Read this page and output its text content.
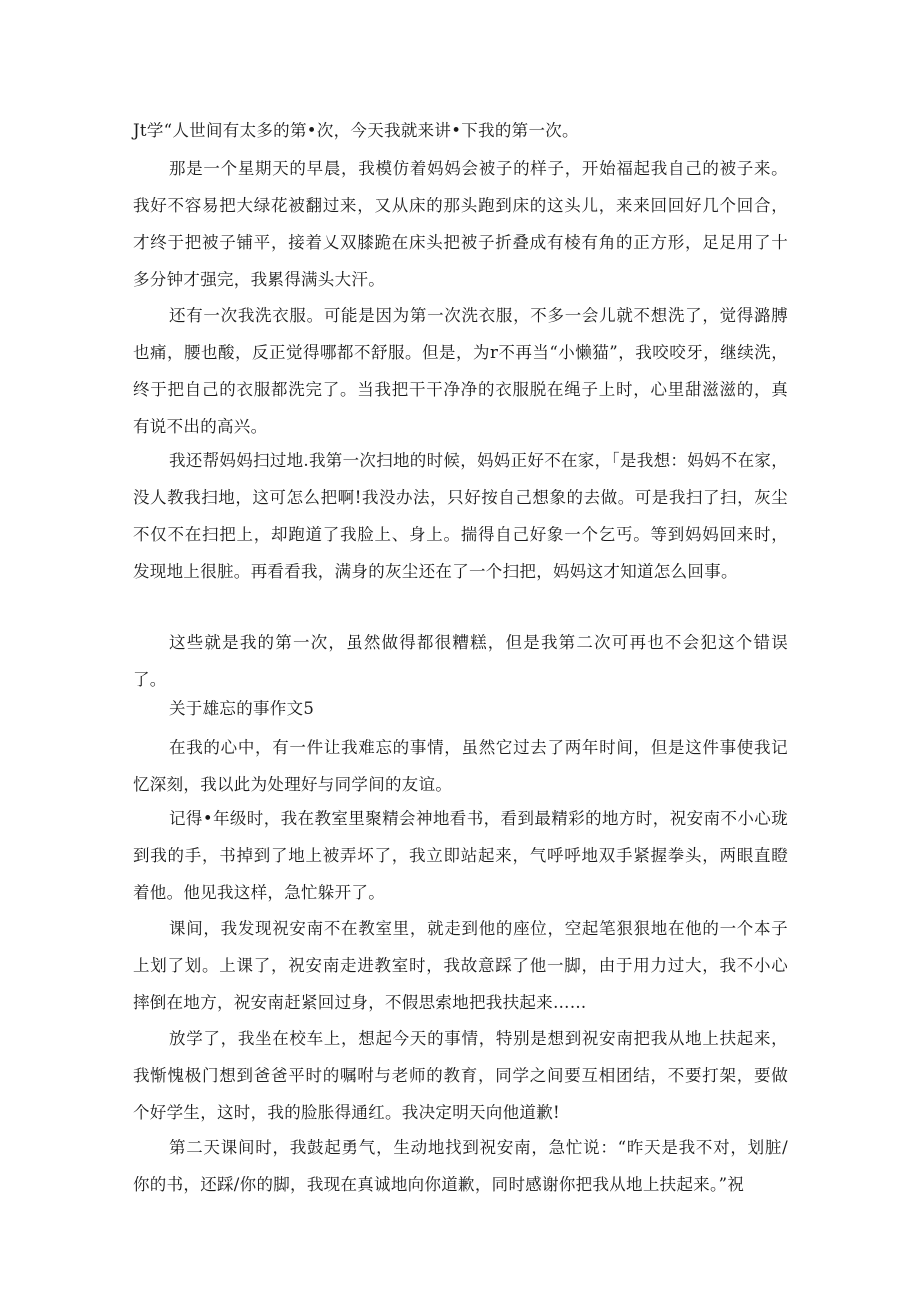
Jt学“人世间有太多的第•次，今天我就来讲•下我的第一次。

那是一个星期天的早晨，我模仿着妈妈会被子的样子，开始福起我自己的被子来。我好不容易把大绿花被翻过来，又从床的那头跑到床的这头儿，来来回回好几个回合，才终于把被子铺平，接着乂双膝跪在床头把被子折叠成有棱有角的正方形，足足用了十多分钟才强完，我累得满头大汗。

还有一次我洗衣服。可能是因为第一次洗衣服，不多一会儿就不想洗了，觉得潞膊也痛，腰也酸，反正觉得哪都不舒服。但是，为r不再当“小懒猫”，我咬咬牙，继续洗，终于把自己的衣服都洗完了。当我把干干净净的衣服脱在绳子上时，心里甜滋滋的，真有说不出的高兴。

我还帮妈妈扫过地.我第一次扫地的时候，妈妈正好不在家，「是我想：妈妈不在家，没人教我扫地，这可怎么把啊!我没办法，只好按自己想象的去做。可是我扫了扫，灰尘不仅不在扫把上，却跑道了我脸上、身上。揣得自己好象一个乞丐。等到妈妈回来时，发现地上很脏。再看看我，满身的灰尘还在了一个扫把，妈妈这才知道怎么回事。

这些就是我的第一次，虽然做得都很糟糕，但是我第二次可再也不会犯这个错误了。

关于雄忘的事作文5

在我的心中，有一件让我难忘的事情，虽然它过去了两年时间，但是这件事使我记忆深刻，我以此为处理好与同学间的友谊。

记得•年级时，我在教室里聚精会神地看书，看到最精彩的地方时，祝安南不小心珑到我的手，书掉到了地上被弄坏了，我立即站起来，气呼呼地双手紧握拳头，两眼直瞪着他。他见我这样，急忙躲开了。

课间，我发现祝安南不在教室里，就走到他的座位，空起笔狠狠地在他的一个本子上划了划。上课了，祝安南走进教室时，我故意踩了他一脚，由于用力过大，我不小心摔倒在地方，祝安南赶紧回过身，不假思索地把我扶起来……

放学了，我坐在校车上，想起今天的事情，特别是想到祝安南把我从地上扶起来，我惭愧极门想到爸爸平时的嘱咐与老师的教育，同学之间要互相团结，不要打架，要做个好学生，这时，我的脸胀得通红。我决定明天向他道歉!

第二天课间时，我鼓起勇气，生动地找到祝安南，急忙说：“昨天是我不对，划脏/你的书，还踩/你的脚，我现在真诚地向你道歉，同时感谢你把我从地上扶起来。”祝
